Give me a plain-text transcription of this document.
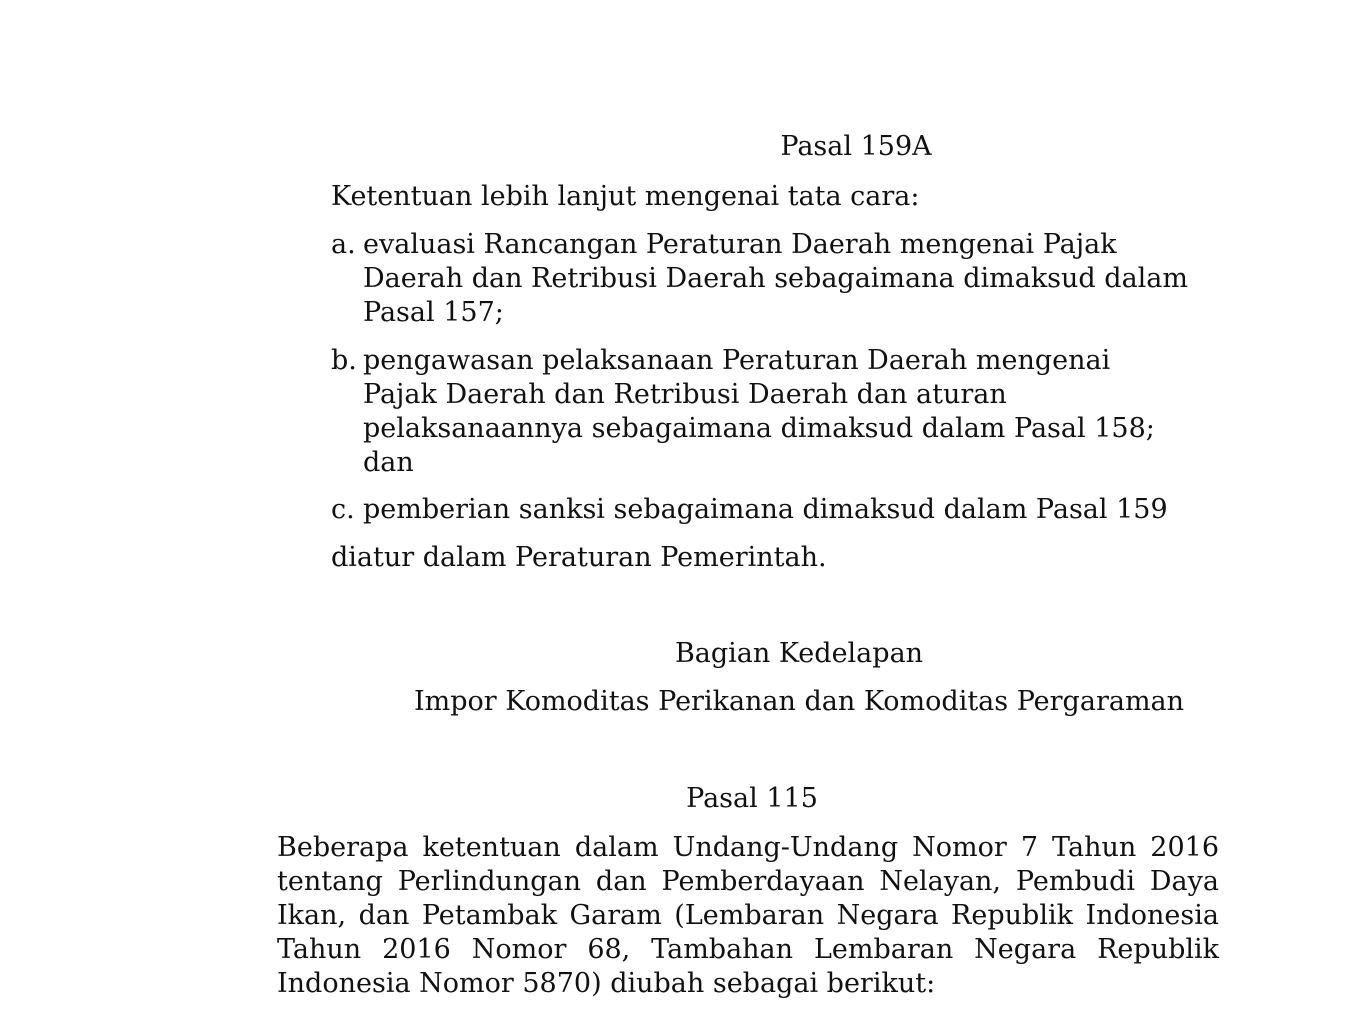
Pasal 159A
Ketentuan lebih lanjut mengenai tata cara:
a. evaluasi Rancangan Peraturan Daerah mengenai Pajak
Daerah dan Retribusi Daerah sebagaimana dimaksud dalam
Pasal 157;
b. pengawasan pelaksanaan Peraturan Daerah mengenai
Pajak Daerah dan Retribusi Daerah dan aturan
pelaksanaannya sebagaimana dimaksud dalam Pasal 158;
dan
c. pemberian sanksi sebagaimana dimaksud dalam Pasal 159
diatur dalam Peraturan Pemerintah.
Bagian Kedelapan
Impor Komoditas Perikanan dan Komoditas Pergaraman
Pasal 115
Beberapa ketentuan dalam Undang-Undang Nomor 7 Tahun 2016
tentang Perlindungan dan Pemberdayaan Nelayan, Pembudi Daya
Ikan, dan Petambak Garam (Lembaran Negara Republik Indonesia
Tahun 2016 Nomor 68, Tambahan Lembaran Negara Republik
Indonesia Nomor 5870) diubah sebagai berikut:
